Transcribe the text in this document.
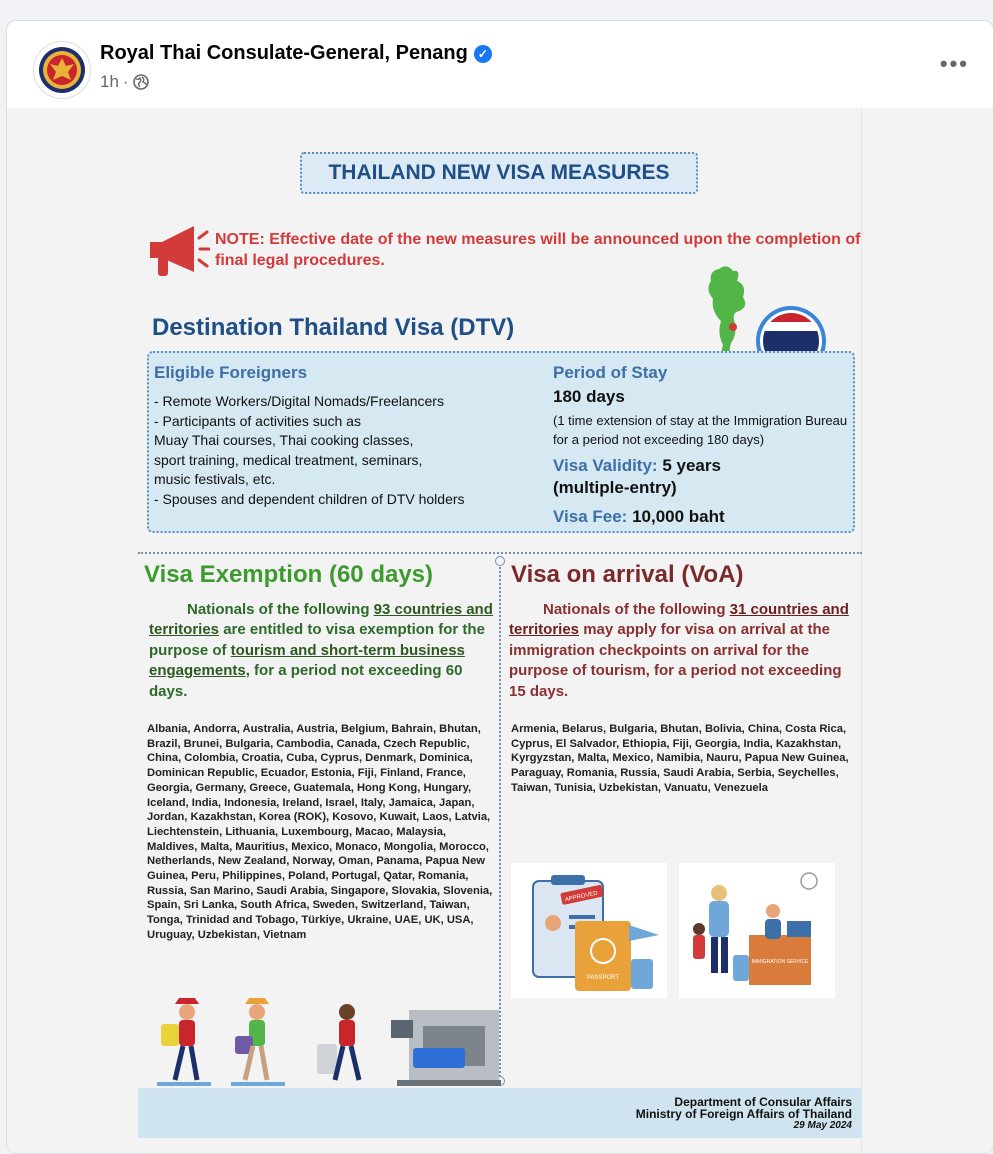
Royal Thai Consulate-General, Penang ✓
1h ·
•••
THAILAND NEW VISA MEASURES
NOTE: Effective date of the new measures will be announced upon the completion of final legal procedures.
Destination Thailand Visa (DTV)
Eligible Foreigners
- Remote Workers/Digital Nomads/Freelancers
- Participants of activities such as
Muay Thai courses, Thai cooking classes,
sport training, medical treatment, seminars,
music festivals, etc.
- Spouses and dependent children of DTV holders
Period of Stay
180 days
(1 time extension of stay at the Immigration Bureau for a period not exceeding 180 days)
Visa Validity: 5 years
(multiple-entry)
Visa Fee: 10,000 baht
Visa Exemption (60 days)
Nationals of the following 93 countries and territories are entitled to visa exemption for the purpose of tourism and short-term business engagements, for a period not exceeding 60 days.
Albania, Andorra, Australia, Austria, Belgium, Bahrain, Bhutan, Brazil, Brunei, Bulgaria, Cambodia, Canada, Czech Republic, China, Colombia, Croatia, Cuba, Cyprus, Denmark, Dominica, Dominican Republic, Ecuador, Estonia, Fiji, Finland, France, Georgia, Germany, Greece, Guatemala, Hong Kong, Hungary, Iceland, India, Indonesia, Ireland, Israel, Italy, Jamaica, Japan, Jordan, Kazakhstan, Korea (ROK), Kosovo, Kuwait, Laos, Latvia, Liechtenstein, Lithuania, Luxembourg, Macao, Malaysia, Maldives, Malta, Mauritius, Mexico, Monaco, Mongolia, Morocco, Netherlands, New Zealand, Norway, Oman, Panama, Papua New Guinea, Peru, Philippines, Poland, Portugal, Qatar, Romania, Russia, San Marino, Saudi Arabia, Singapore, Slovakia, Slovenia, Spain, Sri Lanka, South Africa, Sweden, Switzerland, Taiwan, Tonga, Trinidad and Tobago, Türkiye, Ukraine, UAE, UK, USA, Uruguay, Uzbekistan, Vietnam
Visa on arrival (VoA)
Nationals of the following 31 countries and territories may apply for visa on arrival at the immigration checkpoints on arrival for the purpose of tourism, for a period not exceeding 15 days.
Armenia, Belarus, Bulgaria, Bhutan, Bolivia, China, Costa Rica, Cyprus, El Salvador, Ethiopia, Fiji, Georgia, India, Kazakhstan, Kyrgyzstan, Malta, Mexico, Namibia, Nauru, Papua New Guinea, Paraguay, Romania, Russia, Saudi Arabia, Serbia, Seychelles, Taiwan, Tunisia, Uzbekistan, Vanuatu, Venezuela
PASSPORT
APPROVED
IMMIGRATION SERVICE
Department of Consular Affairs
Ministry of Foreign Affairs of Thailand
29 May 2024
